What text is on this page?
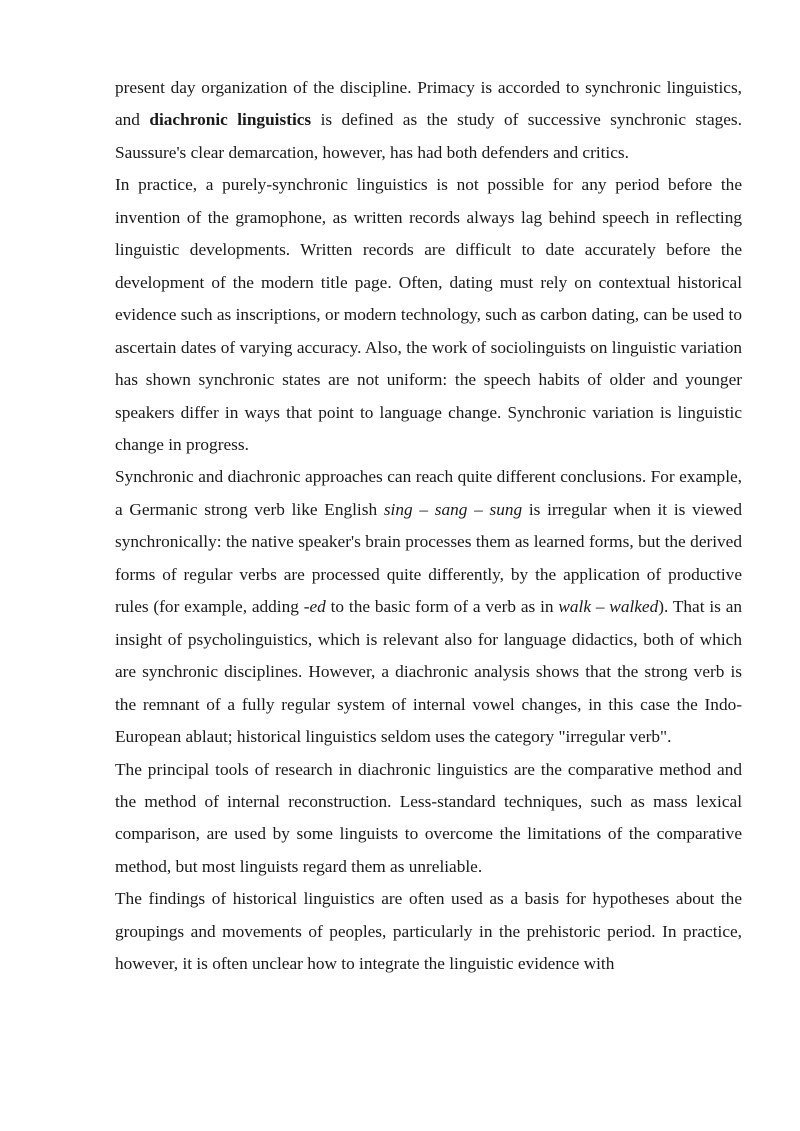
present day organization of the discipline. Primacy is accorded to synchronic linguistics, and diachronic linguistics is defined as the study of successive synchronic stages. Saussure's clear demarcation, however, has had both defenders and critics.

In practice, a purely-synchronic linguistics is not possible for any period before the invention of the gramophone, as written records always lag behind speech in reflecting linguistic developments. Written records are difficult to date accurately before the development of the modern title page. Often, dating must rely on contextual historical evidence such as inscriptions, or modern technology, such as carbon dating, can be used to ascertain dates of varying accuracy. Also, the work of sociolinguists on linguistic variation has shown synchronic states are not uniform: the speech habits of older and younger speakers differ in ways that point to language change. Synchronic variation is linguistic change in progress.

Synchronic and diachronic approaches can reach quite different conclusions. For example, a Germanic strong verb like English sing – sang – sung is irregular when it is viewed synchronically: the native speaker's brain processes them as learned forms, but the derived forms of regular verbs are processed quite differently, by the application of productive rules (for example, adding -ed to the basic form of a verb as in walk – walked). That is an insight of psycholinguistics, which is relevant also for language didactics, both of which are synchronic disciplines. However, a diachronic analysis shows that the strong verb is the remnant of a fully regular system of internal vowel changes, in this case the Indo-European ablaut; historical linguistics seldom uses the category "irregular verb".

The principal tools of research in diachronic linguistics are the comparative method and the method of internal reconstruction. Less-standard techniques, such as mass lexical comparison, are used by some linguists to overcome the limitations of the comparative method, but most linguists regard them as unreliable.

The findings of historical linguistics are often used as a basis for hypotheses about the groupings and movements of peoples, particularly in the prehistoric period. In practice, however, it is often unclear how to integrate the linguistic evidence with
